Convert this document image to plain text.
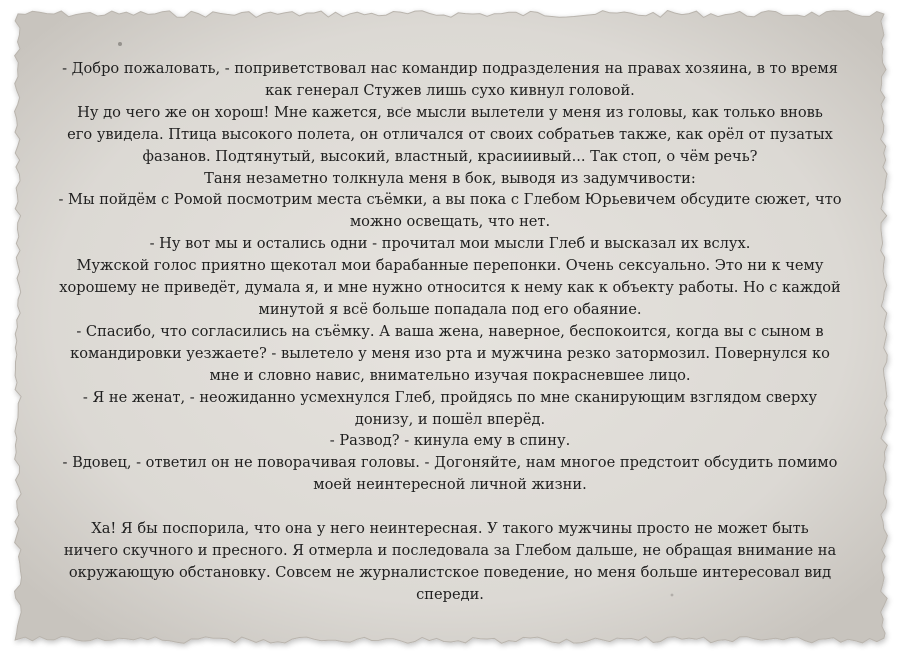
- Добро пожаловать, - поприветствовал нас командир подразделения на правах хозяина, в то время

как генерал Стужев лишь сухо кивнул головой.

Ну до чего же он хорош! Мне кажется, все мысли вылетели у меня из головы, как только вновь

его увидела. Птица высокого полета, он отличался от своих собратьев также, как орёл от пузатых

фазанов. Подтянутый, высокий, властный, красииивый... Так стоп, о чём речь?

Таня незаметно толкнула меня в бок, выводя из задумчивости:

- Мы пойдём с Ромой посмотрим места съёмки, а вы пока с Глебом Юрьевичем обсудите сюжет, что

можно освещать, что нет.

- Ну вот мы и остались одни - прочитал мои мысли Глеб и высказал их вслух.

Мужской голос приятно щекотал мои барабанные перепонки. Очень сексуально. Это ни к чему

хорошему не приведёт, думала я, и мне нужно относится к нему как к объекту работы. Но с каждой

минутой я всё больше попадала под его обаяние.

- Спасибо, что согласились на съёмку. А ваша жена, наверное, беспокоится, когда вы с сыном в

командировки уезжаете? - вылетело у меня изо рта и мужчина резко затормозил. Повернулся ко

мне и словно навис, внимательно изучая покрасневшее лицо.

- Я не женат, - неожиданно усмехнулся Глеб, пройдясь по мне сканирующим взглядом сверху

донизу, и пошёл вперёд.

- Развод? - кинула ему в спину.

- Вдовец, - ответил он не поворачивая головы. - Догоняйте, нам многое предстоит обсудить помимо

моей неинтересной личной жизни.

Ха! Я бы поспорила, что она у него неинтересная. У такого мужчины просто не может быть

ничего скучного и пресного. Я отмерла и последовала за Глебом дальше, не обращая внимание на

окружающую обстановку. Совсем не журналистское поведение, но меня больше интересовал вид

спереди.
